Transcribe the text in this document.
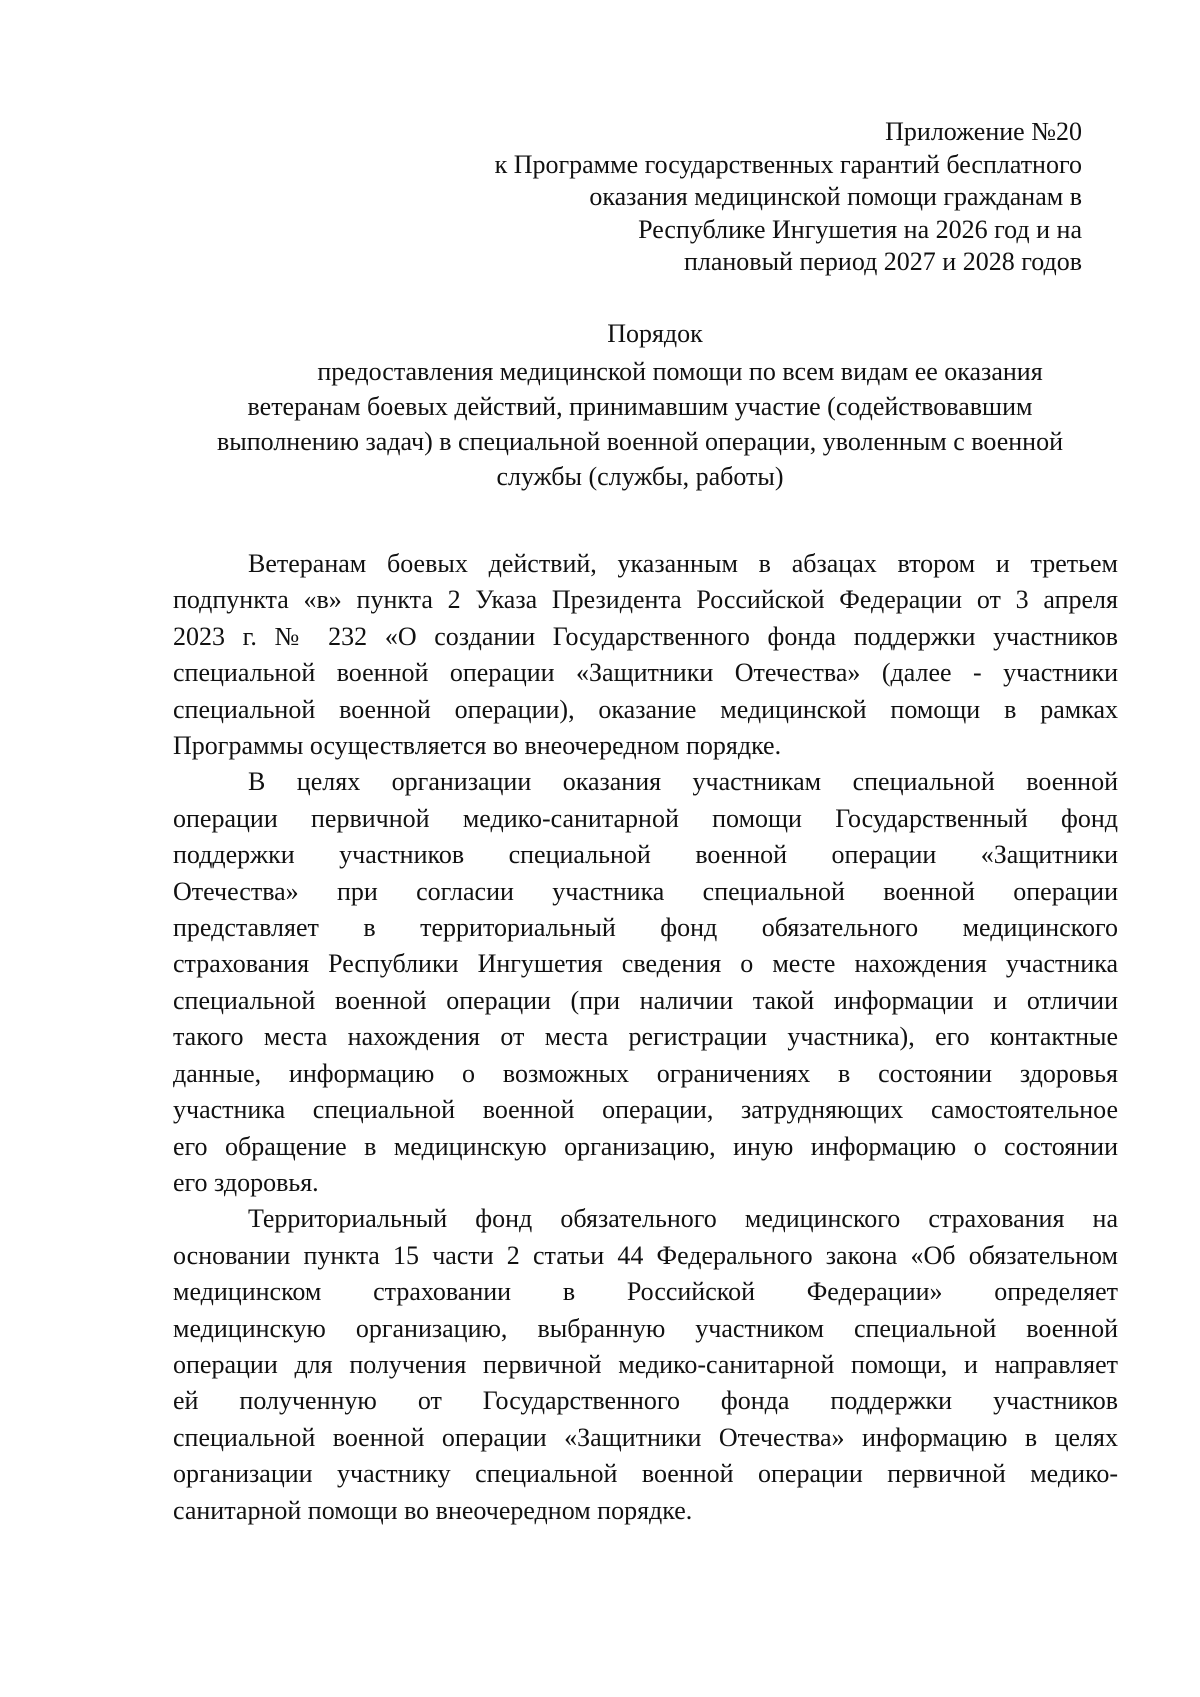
Приложение №20
к Программе государственных гарантий бесплатного
оказания медицинской помощи гражданам в
Республике Ингушетия на 2026 год и на
плановый период 2027 и 2028 годов
Порядок
предоставления медицинской помощи по всем видам ее оказания
ветеранам боевых действий, принимавшим участие (содействовавшим
выполнению задач) в специальной военной операции, уволенным с военной
службы (службы, работы)

Ветеранам боевых действий, указанным в абзацах втором и третьем
подпункта «в» пункта 2 Указа Президента Российской Федерации от 3 апреля
2023 г. № 232 «О создании Государственного фонда поддержки участников
специальной военной операции «Защитники Отечества» (далее - участники
специальной военной операции), оказание медицинской помощи в рамках
Программы осуществляется во внеочередном порядке.

В целях организации оказания участникам специальной военной
операции первичной медико-санитарной помощи Государственный фонд
поддержки участников специальной военной операции «Защитники
Отечества» при согласии участника специальной военной операции
представляет в территориальный фонд обязательного медицинского
страхования Республики Ингушетия сведения о месте нахождения участника
специальной военной операции (при наличии такой информации и отличии
такого места нахождения от места регистрации участника), его контактные
данные, информацию о возможных ограничениях в состоянии здоровья
участника специальной военной операции, затрудняющих самостоятельное
его обращение в медицинскую организацию, иную информацию о состоянии
его здоровья.

Территориальный фонд обязательного медицинского страхования на
основании пункта 15 части 2 статьи 44 Федерального закона «Об обязательном
медицинском страховании в Российской Федерации» определяет
медицинскую организацию, выбранную участником специальной военной
операции для получения первичной медико-санитарной помощи, и направляет
ей полученную от Государственного фонда поддержки участников
специальной военной операции «Защитники Отечества» информацию в целях
организации участнику специальной военной операции первичной медико-
санитарной помощи во внеочередном порядке.
